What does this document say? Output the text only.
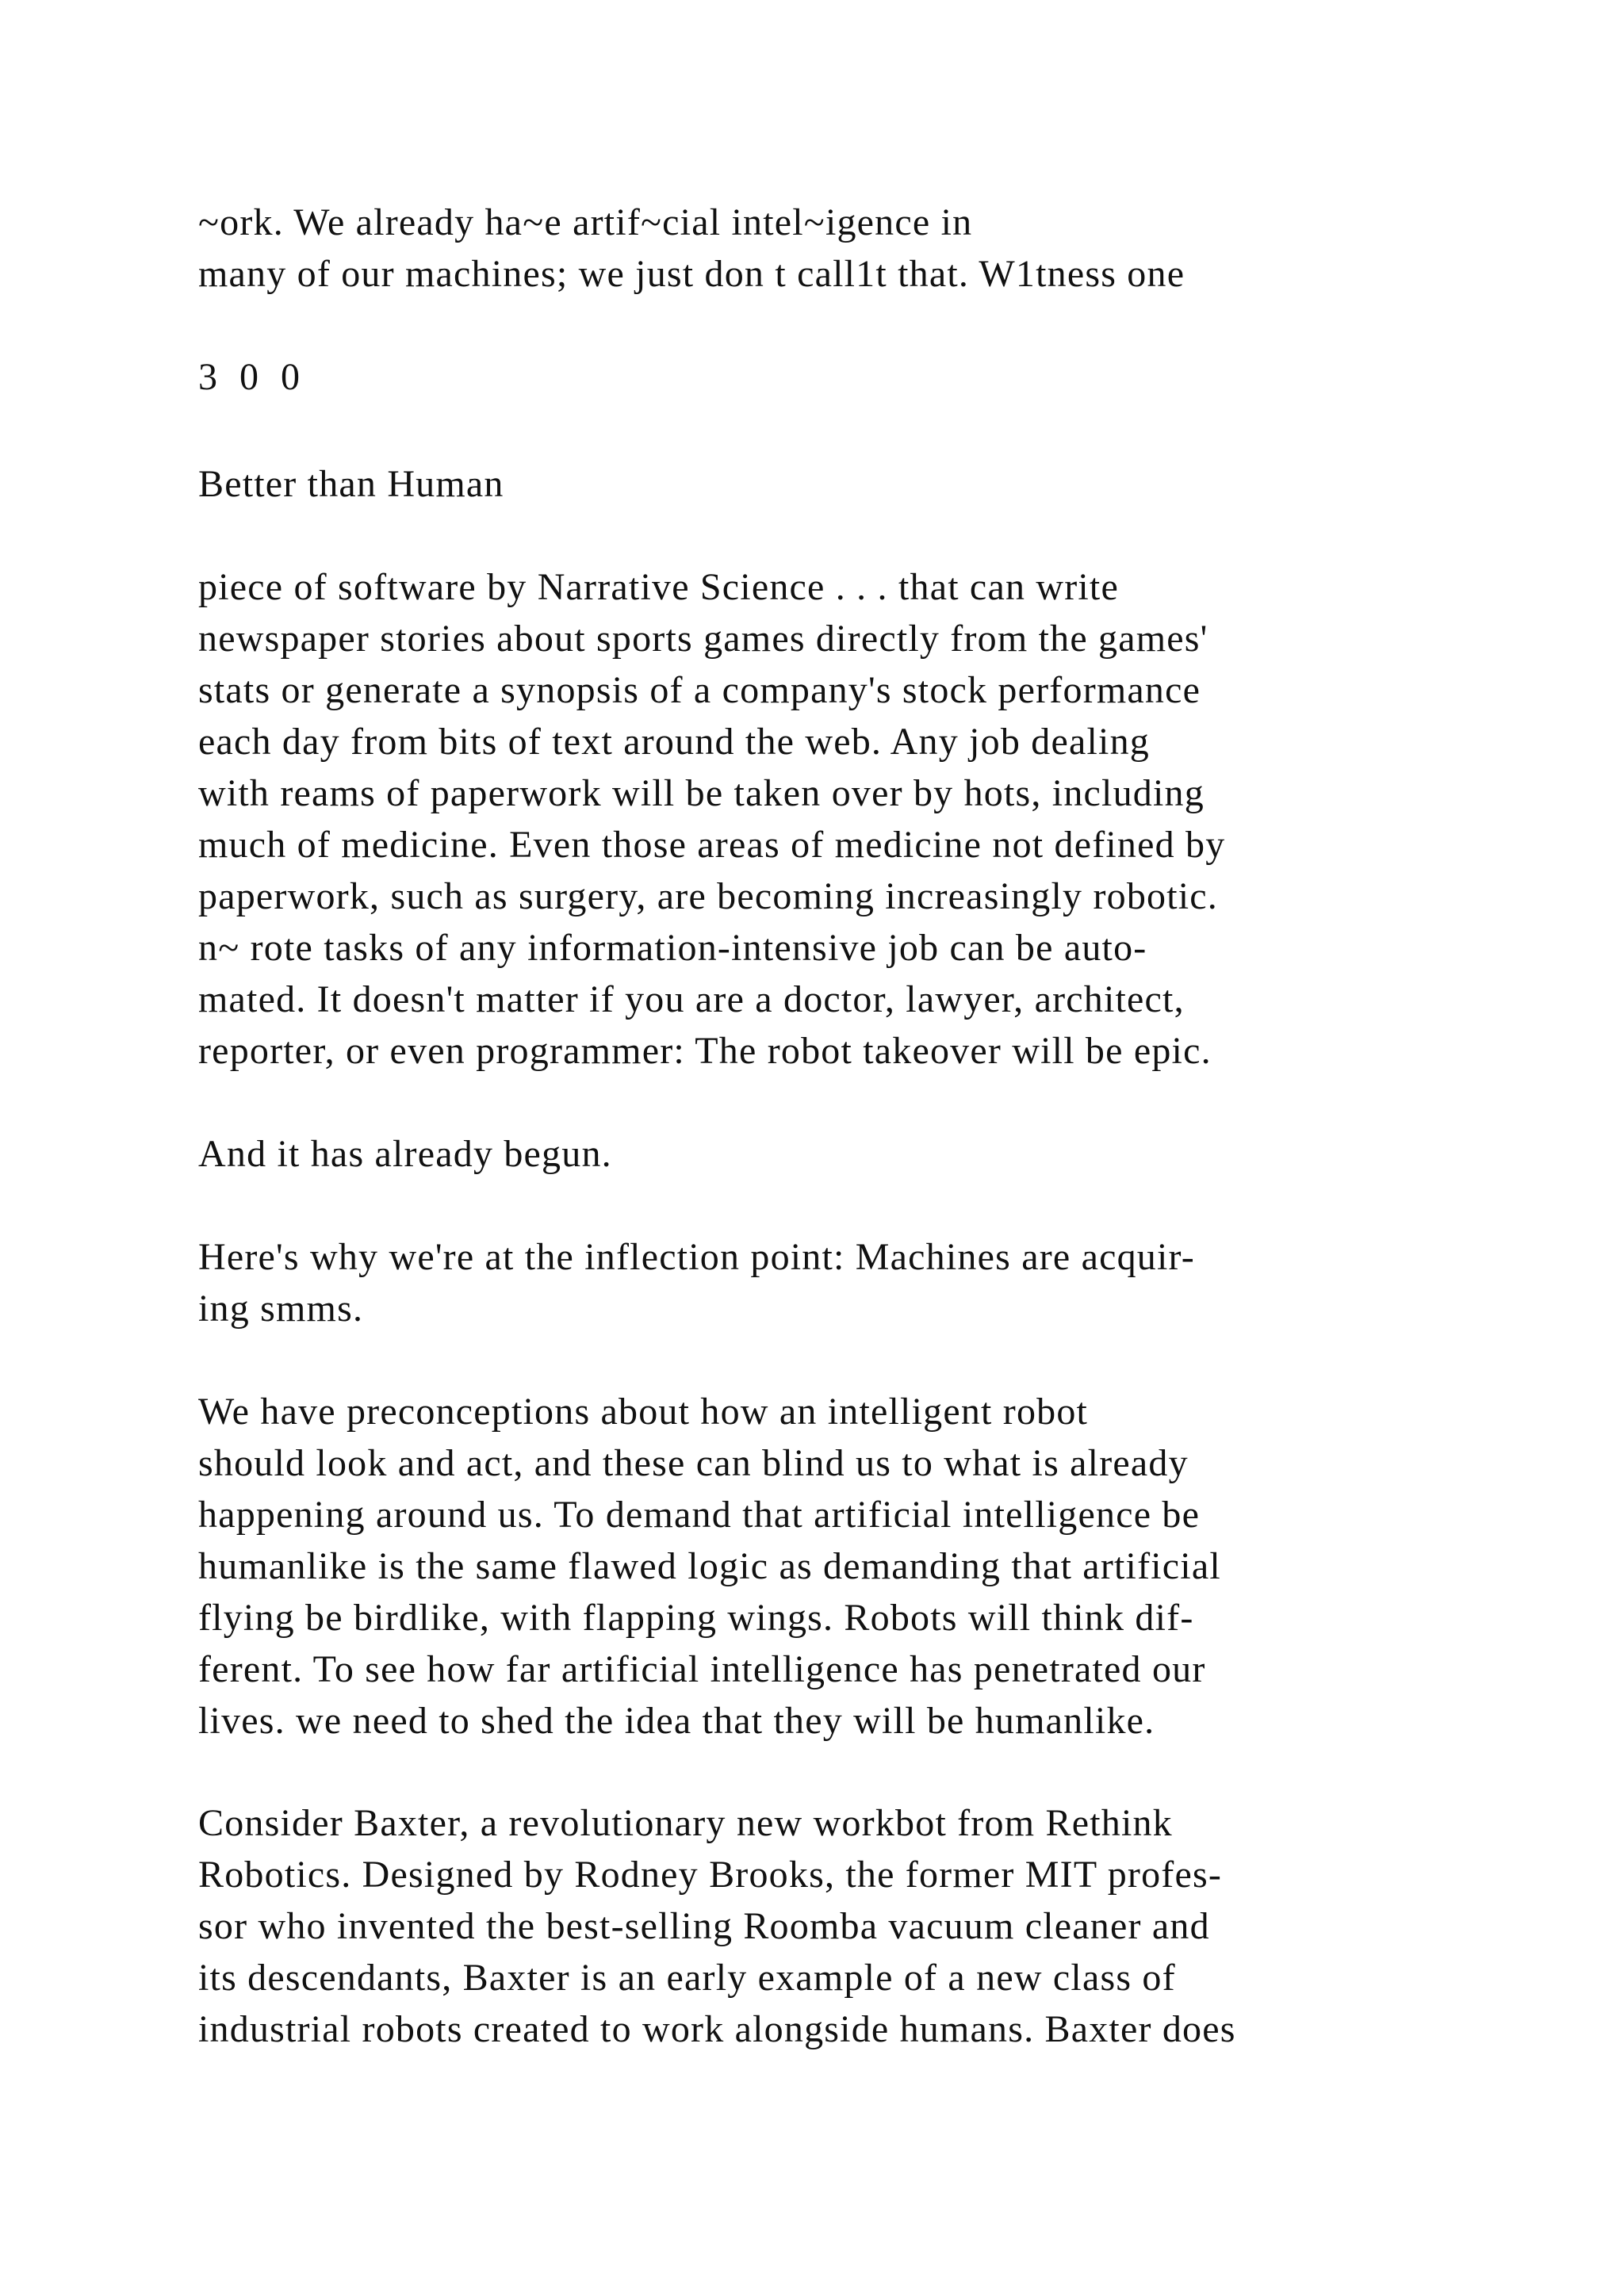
~ork. We already ha~e artif~cial intel~igence in
many of our machines; we just don t call1t that. W1tness one
3 0 0
Better than Human
piece of software by Narrative Science . . . that can write
newspaper stories about sports games directly from the games'
stats or generate a synopsis of a company's stock performance
each day from bits of text around the web. Any job dealing
with reams of paperwork will be taken over by hots, including
much of medicine. Even those areas of medicine not defined by
paperwork, such as surgery, are becoming increasingly robotic.
n~ rote tasks of any information-intensive job can be auto-
mated. It doesn't matter if you are a doctor, lawyer, architect,
reporter, or even programmer: The robot takeover will be epic.
And it has already begun.
Here's why we're at the inflection point: Machines are acquir-
ing smms.
We have preconceptions about how an intelligent robot
should look and act, and these can blind us to what is already
happening around us. To demand that artificial intelligence be
humanlike is the same flawed logic as demanding that artificial
flying be birdlike, with flapping wings. Robots will think dif-
ferent. To see how far artificial intelligence has penetrated our
lives. we need to shed the idea that they will be humanlike.
Consider Baxter, a revolutionary new workbot from Rethink
Robotics. Designed by Rodney Brooks, the former MIT profes-
sor who invented the best-selling Roomba vacuum cleaner and
its descendants, Baxter is an early example of a new class of
industrial robots created to work alongside humans. Baxter does
